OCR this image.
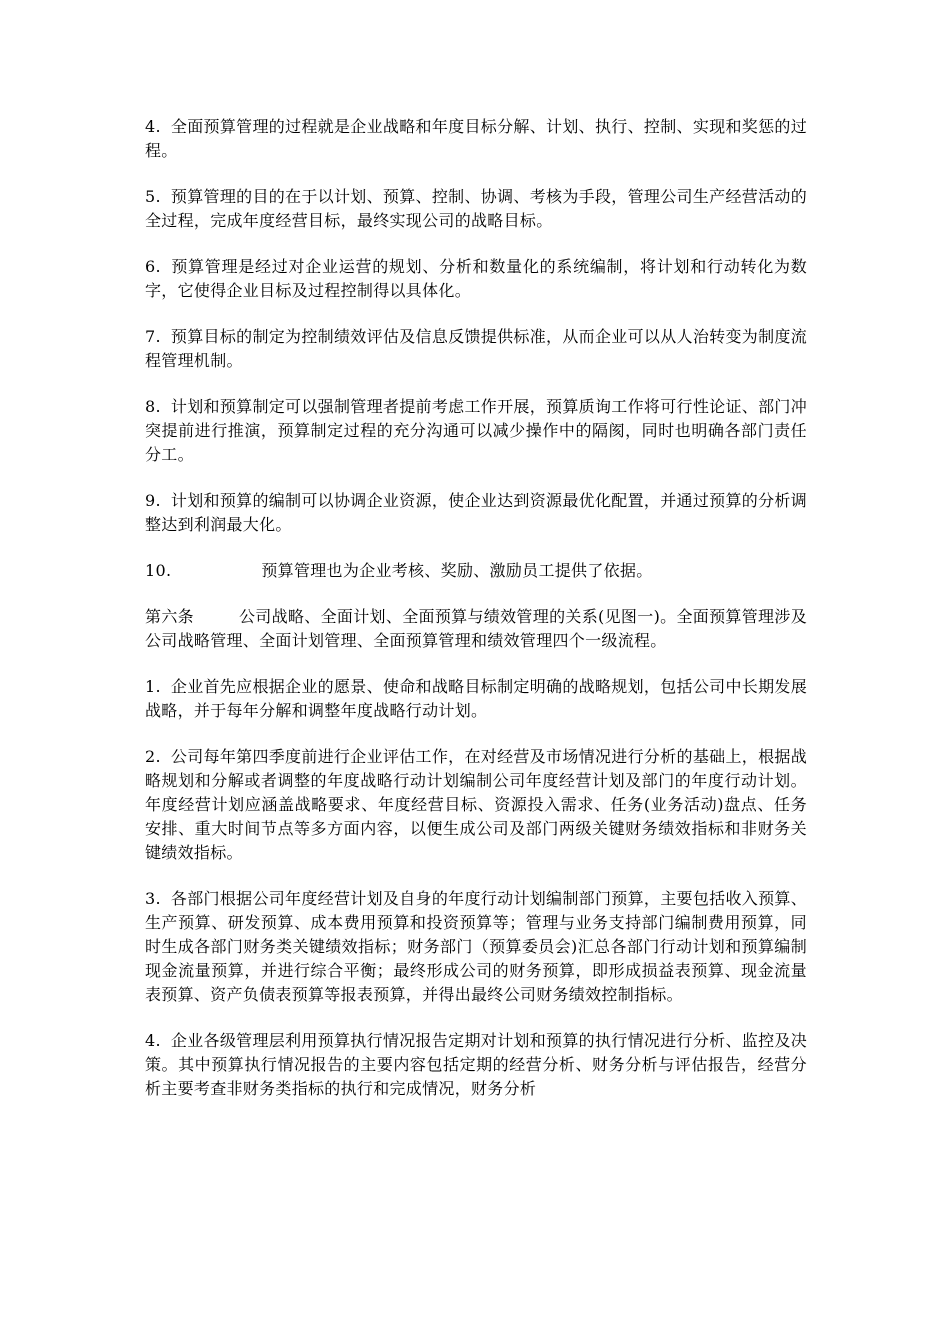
4. 全面预算管理的过程就是企业战略和年度目标分解、计划、执行、控制、实现和奖惩的过程。

5. 预算管理的目的在于以计划、预算、控制、协调、考核为手段，管理公司生产经营活动的全过程，完成年度经营目标，最终实现公司的战略目标。

6. 预算管理是经过对企业运营的规划、分析和数量化的系统编制，将计划和行动转化为数字，它使得企业目标及过程控制得以具体化。

7. 预算目标的制定为控制绩效评估及信息反馈提供标准，从而企业可以从人治转变为制度流程管理机制。

8. 计划和预算制定可以强制管理者提前考虑工作开展，预算质询工作将可行性论证、部门冲突提前进行推演，预算制定过程的充分沟通可以减少操作中的隔阂，同时也明确各部门责任分工。

9. 计划和预算的编制可以协调企业资源，使企业达到资源最优化配置，并通过预算的分析调整达到利润最大化。

10.	预算管理也为企业考核、奖励、激励员工提供了依据。

第六条	公司战略、全面计划、全面预算与绩效管理的关系(见图一)。全面预算管理涉及公司战略管理、全面计划管理、全面预算管理和绩效管理四个一级流程。

1. 企业首先应根据企业的愿景、使命和战略目标制定明确的战略规划，包括公司中长期发展战略，并于每年分解和调整年度战略行动计划。

2. 公司每年第四季度前进行企业评估工作，在对经营及市场情况进行分析的基础上，根据战略规划和分解或者调整的年度战略行动计划编制公司年度经营计划及部门的年度行动计划。年度经营计划应涵盖战略要求、年度经营目标、资源投入需求、任务(业务活动)盘点、任务安排、重大时间节点等多方面内容，以便生成公司及部门两级关键财务绩效指标和非财务关键绩效指标。

3. 各部门根据公司年度经营计划及自身的年度行动计划编制部门预算，主要包括收入预算、生产预算、研发预算、成本费用预算和投资预算等；管理与业务支持部门编制费用预算，同时生成各部门财务类关键绩效指标；财务部门（预算委员会)汇总各部门行动计划和预算编制现金流量预算，并进行综合平衡；最终形成公司的财务预算，即形成损益表预算、现金流量表预算、资产负债表预算等报表预算，并得出最终公司财务绩效控制指标。

4. 企业各级管理层利用预算执行情况报告定期对计划和预算的执行情况进行分析、监控及决策。其中预算执行情况报告的主要内容包括定期的经营分析、财务分析与评估报告，经营分析主要考查非财务类指标的执行和完成情况，财务分析
